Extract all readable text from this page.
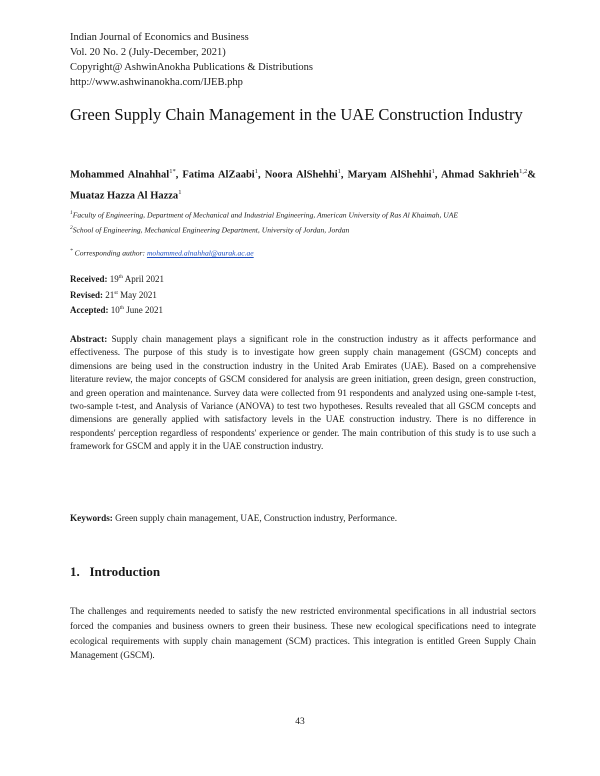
Indian Journal of Economics and Business
Vol. 20 No. 2 (July-December, 2021)
Copyright@ AshwinAnokha Publications & Distributions
http://www.ashwinanokha.com/IJEB.php
Green Supply Chain Management in the UAE Construction Industry
Mohammed Alnahhal$^{1*}$, Fatima AlZaabi$^1$, Noora AlShehhi$^1$, Maryam AlShehhi$^1$, Ahmad Sakhrieh$^{1,2}$& Muataz Hazza Al Hazza$^1$
$^1$Faculty of Engineering, Department of Mechanical and Industrial Engineering, American University of Ras Al Khaimah, UAE
$^2$School of Engineering, Mechanical Engineering Department, University of Jordan, Jordan
* Corresponding author: mohammed.alnahhal@aurak.ac.ae
Received: 19th April 2021
Revised: 21st May 2021
Accepted: 10th June 2021
Abstract: Supply chain management plays a significant role in the construction industry as it affects performance and effectiveness. The purpose of this study is to investigate how green supply chain management (GSCM) concepts and dimensions are being used in the construction industry in the United Arab Emirates (UAE). Based on a comprehensive literature review, the major concepts of GSCM considered for analysis are green initiation, green design, green construction, and green operation and maintenance. Survey data were collected from 91 respondents and analyzed using one-sample t-test, two-sample t-test, and Analysis of Variance (ANOVA) to test two hypotheses. Results revealed that all GSCM concepts and dimensions are generally applied with satisfactory levels in the UAE construction industry. There is no difference in respondents' perception regardless of respondents' experience or gender. The main contribution of this study is to use such a framework for GSCM and apply it in the UAE construction industry.
Keywords: Green supply chain management, UAE, Construction industry, Performance.
1. Introduction
The challenges and requirements needed to satisfy the new restricted environmental specifications in all industrial sectors forced the companies and business owners to green their business. These new ecological specifications need to integrate ecological requirements with supply chain management (SCM) practices. This integration is entitled Green Supply Chain Management (GSCM).
43
